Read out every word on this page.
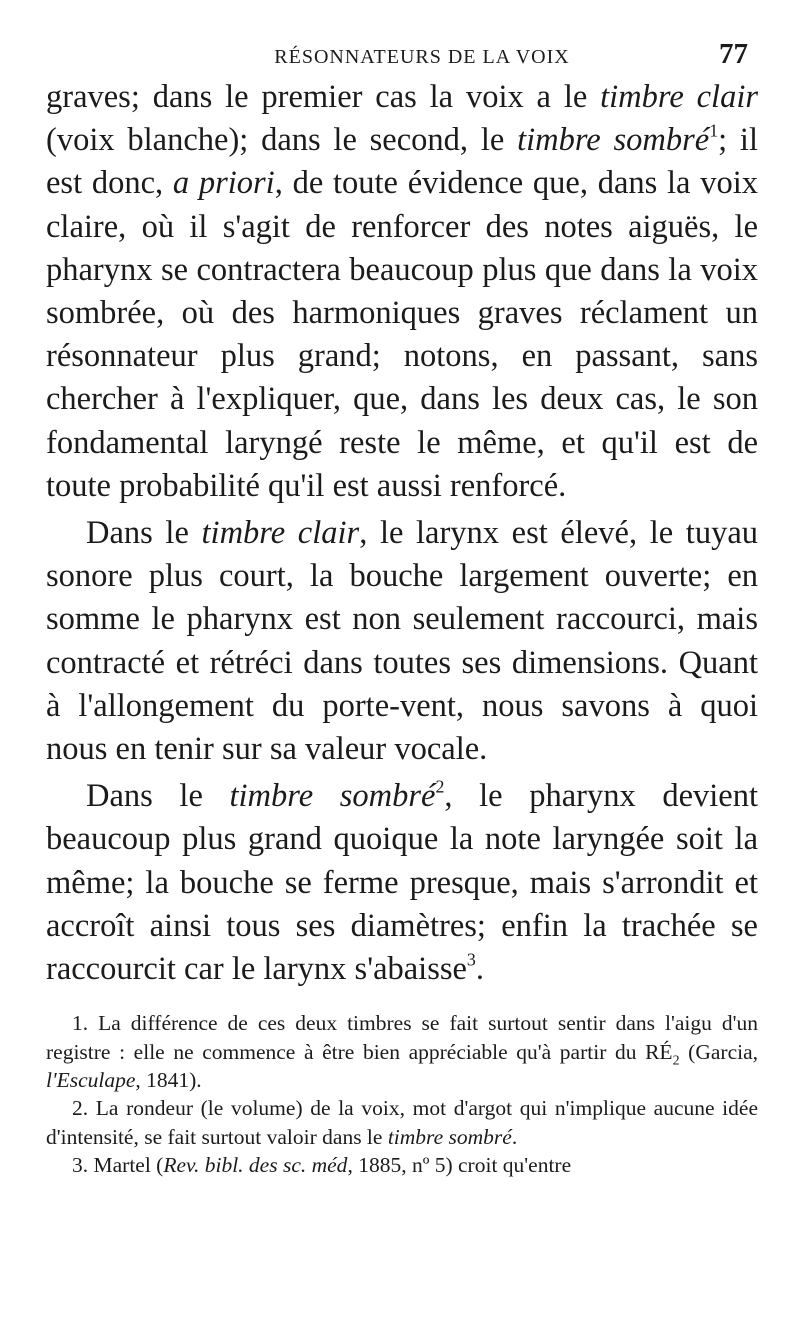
RÉSONNATEURS DE LA VOIX	77

graves; dans le premier cas la voix a le timbre clair (voix blanche); dans le second, le timbre sombré$^1$; il est donc, a priori, de toute évidence que, dans la voix claire, où il s'agit de renforcer des notes aiguës, le pharynx se contractera beaucoup plus que dans la voix sombrée, où des harmoniques graves réclament un résonnateur plus grand; notons, en passant, sans chercher à l'expliquer, que, dans les deux cas, le son fondamental laryngé reste le même, et qu'il est de toute probabilité qu'il est aussi renforcé.

Dans le timbre clair, le larynx est élevé, le tuyau sonore plus court, la bouche largement ouverte; en somme le pharynx est non seulement raccourci, mais contracté et rétréci dans toutes ses dimensions. Quant à l'allongement du porte-vent, nous savons à quoi nous en tenir sur sa valeur vocale.

Dans le timbre sombré$^2$, le pharynx devient beaucoup plus grand quoique la note laryngée soit la même; la bouche se ferme presque, mais s'arrondit et accroît ainsi tous ses diamètres; enfin la trachée se raccourcit car le larynx s'abaisse$^3$.

1. La différence de ces deux timbres se fait surtout sentir dans l'aigu d'un registre : elle ne commence à être bien appréciable qu'à partir du $RÉ_2$ (Garcia, l'Esculape, 1841).

2. La rondeur (le volume) de la voix, mot d'argot qui n'implique aucune idée d'intensité, se fait surtout valoir dans le timbre sombré.

3. Martel (Rev. bibl. des sc. méd, 1885, nº 5) croit qu'entre
